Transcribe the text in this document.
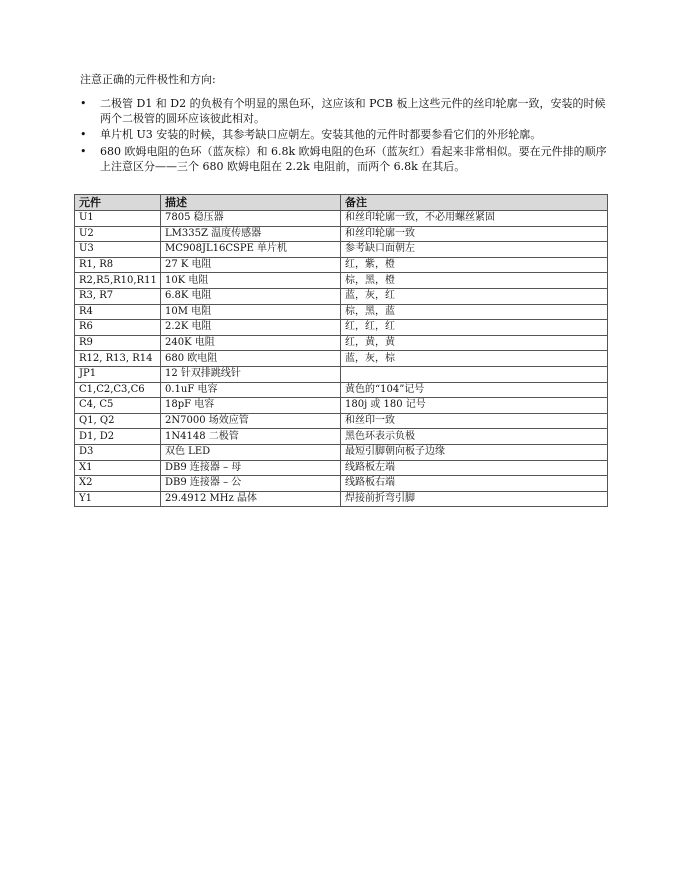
注意正确的元件极性和方向:
•	二极管 D1 和 D2 的负极有个明显的黑色环，这应该和 PCB 板上这些元件的丝印轮廓一致，安装的时候两个二极管的圆环应该彼此相对。
•	单片机 U3 安装的时候，其参考缺口应朝左。安装其他的元件时都要参看它们的外形轮廓。
•	680 欧姆电阻的色环（蓝灰棕）和 6.8k 欧姆电阻的色环（蓝灰红）看起来非常相似。要在元件排的顺序上注意区分——三个 680 欧姆电阻在 2.2k 电阻前，而两个 6.8k 在其后。
元件	描述	备注
U1	7805 稳压器	和丝印轮廓一致，不必用螺丝紧固
U2	LM335Z 温度传感器	和丝印轮廓一致
U3	MC908JL16CSPE 单片机	参考缺口面朝左
R1, R8	27 K 电阻	红，紫，橙
R2,R5,R10,R11	10K 电阻	棕，黑，橙
R3, R7	6.8K 电阻	蓝，灰，红
R4	10M 电阻	棕，黑，蓝
R6	2.2K 电阻	红，红，红
R9	240K 电阻	红，黄，黄
R12, R13, R14	680 欧电阻	蓝，灰，棕
JP1	12 针双排跳线针	
C1,C2,C3,C6	0.1uF 电容	黄色的“104”记号
C4, C5	18pF 电容	180j 或 180 记号
Q1, Q2	2N7000 场效应管	和丝印一致
D1, D2	1N4148 二极管	黑色环表示负极
D3	双色 LED	最短引脚朝向板子边缘
X1	DB9 连接器 – 母	线路板左端
X2	DB9 连接器 – 公	线路板右端
Y1	29.4912 MHz 晶体	焊接前折弯引脚
